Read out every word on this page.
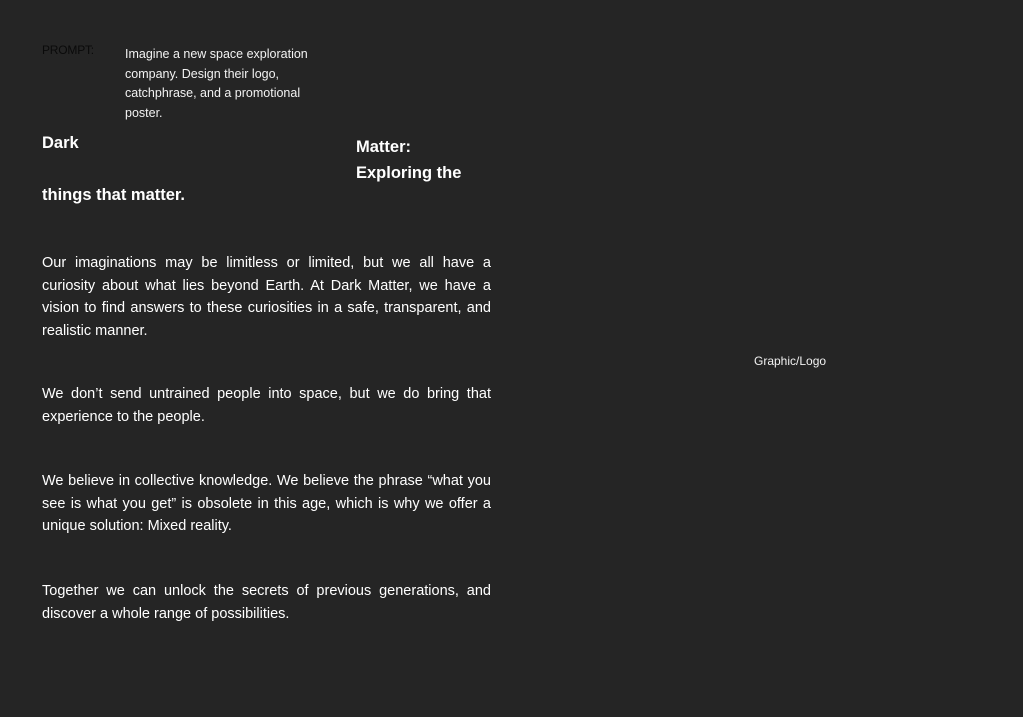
PROMPT: Imagine a new space exploration company. Design their logo, catchphrase, and a promotional poster.
Dark	Matter:
Exploring the
things that matter.
Our imaginations may be limitless or limited, but we all have a curiosity about what lies beyond Earth. At Dark Matter, we have a vision to find answers to these curiosities in a safe, transparent, and realistic manner.
We don’t send untrained people into space, but we do bring that experience to the people.
We believe in collective knowledge. We believe the phrase “what you see is what you get” is obsolete in this age, which is why we offer a unique solution: Mixed reality.
Together we can unlock the secrets of previous generations, and discover a whole range of possibilities.
Graphic/Logo
